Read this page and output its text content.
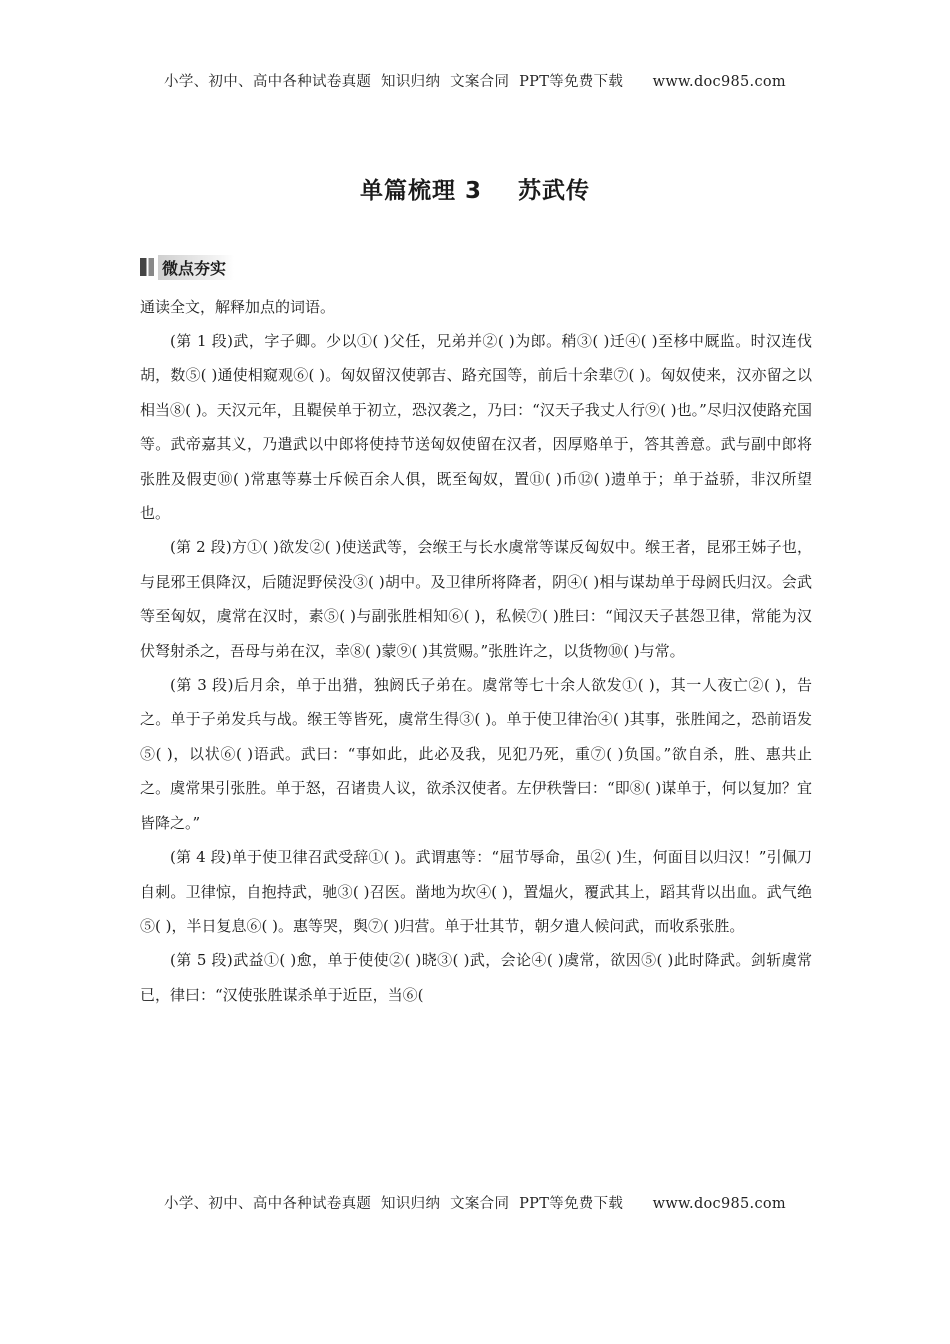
小学、初中、高中各种试卷真题  知识归纳  文案合同  PPT等免费下载      www.doc985.com
单篇梳理 3    苏武传
微点夯实
通读全文，解释加点的词语。

(第 1 段)武，字子卿。少以①( )父任，兄弟并②( )为郎。稍③( )迁④( )至栘中厩监。时汉连伐胡，数⑤( )通使相窥观⑥( )。匈奴留汉使郭吉、路充国等，前后十余辈⑦( )。匈奴使来，汉亦留之以相当⑧( )。天汉元年，且鞮侯单于初立，恐汉袭之，乃曰：“汉天子我丈人行⑨( )也。”尽归汉使路充国等。武帝嘉其义，乃遣武以中郎将使持节送匈奴使留在汉者，因厚赂单于，答其善意。武与副中郎将张胜及假吏⑩( )常惠等募士斥候百余人俱，既至匈奴，置⑪( )币⑫( )遗单于；单于益骄，非汉所望也。

(第 2 段)方①( )欲发②( )使送武等，会缑王与长水虞常等谋反匈奴中。缑王者，昆邪王姊子也，与昆邪王俱降汉，后随浞野侯没③( )胡中。及卫律所将降者，阴④( )相与谋劫单于母阏氏归汉。会武等至匈奴，虞常在汉时，素⑤( )与副张胜相知⑥( )，私候⑦( )胜曰：“闻汉天子甚怨卫律，常能为汉伏弩射杀之，吾母与弟在汉，幸⑧( )蒙⑨( )其赏赐。”张胜许之，以货物⑩( )与常。

(第 3 段)后月余，单于出猎，独阏氏子弟在。虞常等七十余人欲发①( )，其一人夜亡②( )，告之。单于子弟发兵与战。缑王等皆死，虞常生得③( )。单于使卫律治④( )其事，张胜闻之，恐前语发⑤( )，以状⑥( )语武。武曰：“事如此，此必及我，见犯乃死，重⑦( )负国。”欲自杀，胜、惠共止之。虞常果引张胜。单于怒，召诸贵人议，欲杀汉使者。左伊秩訾曰：“即⑧( )谋单于，何以复加？宜皆降之。”

(第 4 段)单于使卫律召武受辞①( )。武谓惠等：“屈节辱命，虽②( )生，何面目以归汉！”引佩刀自刺。卫律惊，自抱持武，驰③( )召医。凿地为坎④( )，置煴火，覆武其上，蹈其背以出血。武气绝⑤( )，半日复息⑥( )。惠等哭，舆⑦( )归营。单于壮其节，朝夕遣人候问武，而收系张胜。

(第 5 段)武益①( )愈，单于使使②( )晓③( )武，会论④( )虞常，欲因⑤( )此时降武。剑斩虞常已，律曰：“汉使张胜谋杀单于近臣，当⑥(

小学、初中、高中各种试卷真题  知识归纳  文案合同  PPT等免费下载      www.doc985.com
